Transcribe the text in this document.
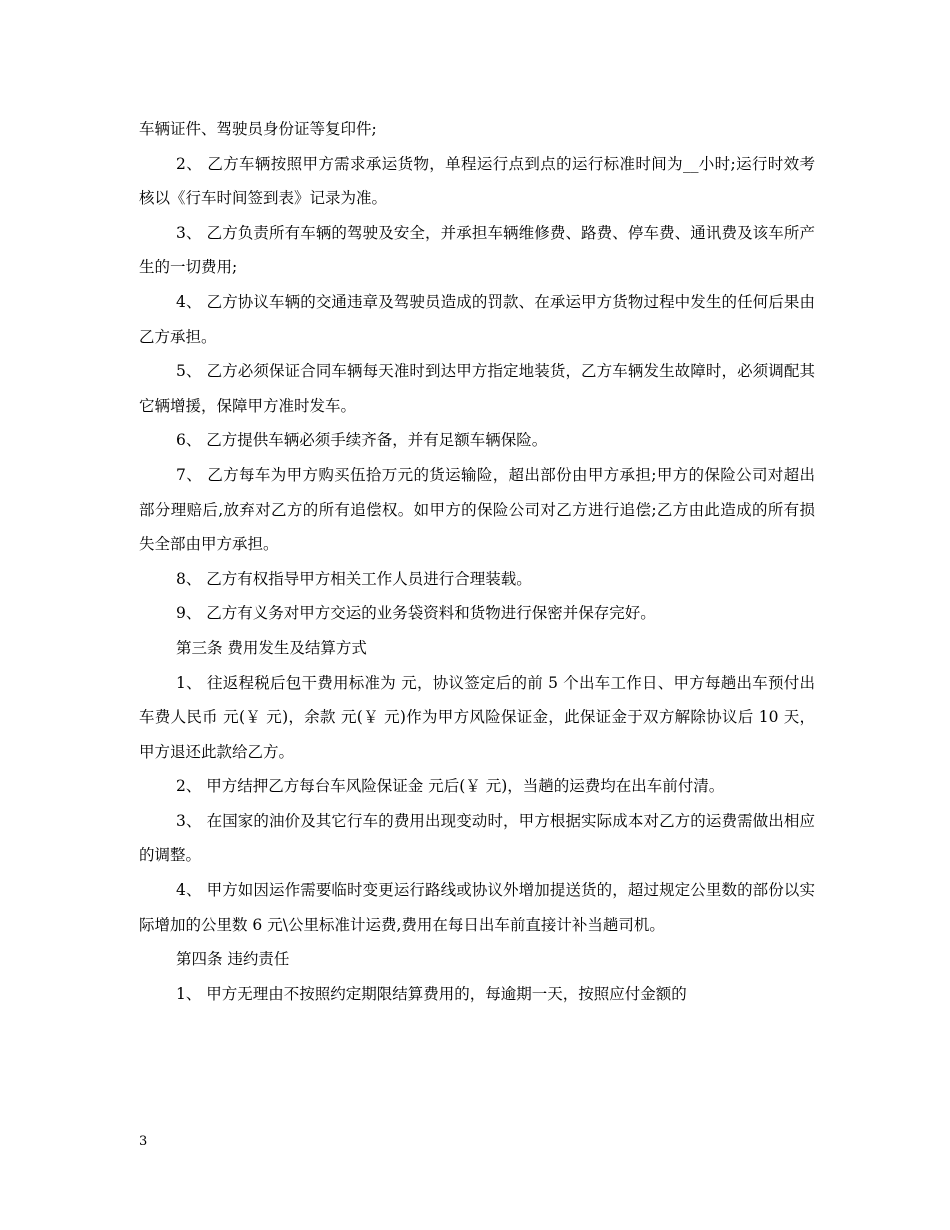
车辆证件、驾驶员身份证等复印件;

2、 乙方车辆按照甲方需求承运货物，单程运行点到点的运行标准时间为__小时;运行时效考核以《行车时间签到表》记录为准。

3、 乙方负责所有车辆的驾驶及安全，并承担车辆维修费、路费、停车费、通讯费及该车所产生的一切费用;

4、 乙方协议车辆的交通违章及驾驶员造成的罚款、在承运甲方货物过程中发生的任何后果由乙方承担。

5、 乙方必须保证合同车辆每天准时到达甲方指定地装货，乙方车辆发生故障时，必须调配其它辆增援，保障甲方准时发车。

6、 乙方提供车辆必须手续齐备，并有足额车辆保险。

7、 乙方每车为甲方购买伍拾万元的货运输险，超出部份由甲方承担;甲方的保险公司对超出部分理赔后,放弃对乙方的所有追偿权。如甲方的保险公司对乙方进行追偿;乙方由此造成的所有损失全部由甲方承担。

8、 乙方有权指导甲方相关工作人员进行合理装载。

9、 乙方有义务对甲方交运的业务袋资料和货物进行保密并保存完好。

第三条 费用发生及结算方式

1、 往返程税后包干费用标准为 元，协议签定后的前 5 个出车工作日、甲方每趟出车预付出车费人民币 元(￥ 元)，余款 元(￥ 元)作为甲方风险保证金，此保证金于双方解除协议后 10 天，甲方退还此款给乙方。

2、 甲方结押乙方每台车风险保证金 元后(￥ 元)，当趟的运费均在出车前付清。

3、 在国家的油价及其它行车的费用出现变动时，甲方根据实际成本对乙方的运费需做出相应的调整。

4、 甲方如因运作需要临时变更运行路线或协议外增加提送货的，超过规定公里数的部份以实际增加的公里数 6 元\公里标准计运费,费用在每日出车前直接计补当趟司机。

第四条 违约责任

1、 甲方无理由不按照约定期限结算费用的，每逾期一天，按照应付金额的

3
